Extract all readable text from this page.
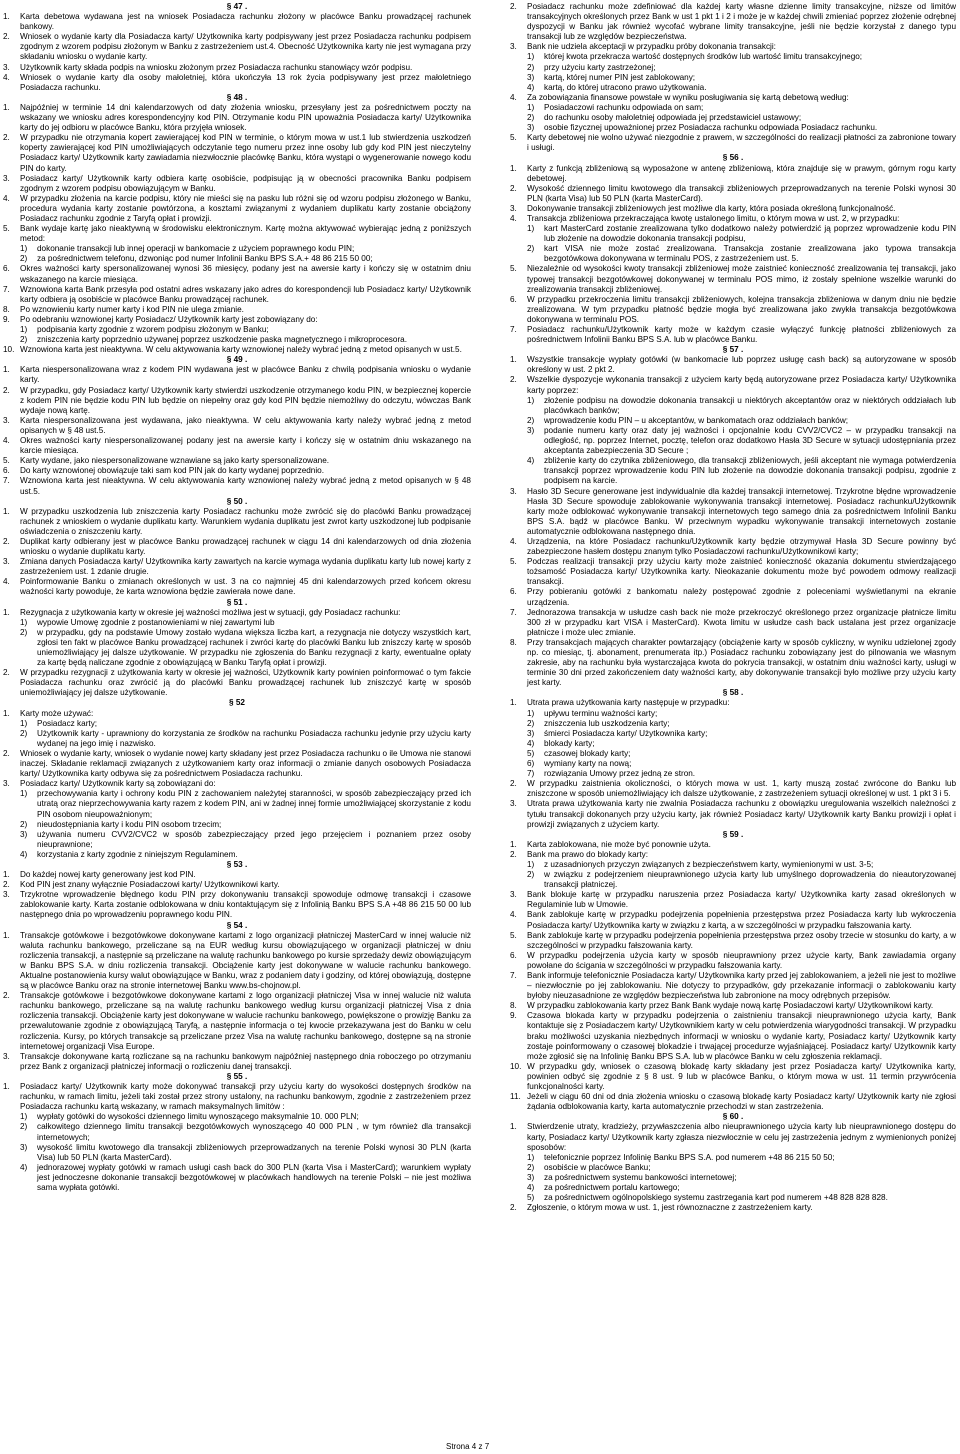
§ 47 .
1. Karta debetowa wydawana jest na wniosek Posiadacza rachunku złożony w placówce Banku prowadzącej rachunek bankowy.
2. Wniosek o wydanie karty dla Posiadacza karty/ Użytkownika karty podpisywany jest przez Posiadacza rachunku podpisem zgodnym z wzorem podpisu złożonym w Banku z zastrzeżeniem ust.4. Obecność Użytkownika karty nie jest wymagana przy składaniu wniosku o wydanie karty.
3. Użytkownik karty składa podpis na wniosku złożonym przez Posiadacza rachunku stanowiący wzór podpisu.
4. Wniosek o wydanie karty dla osoby małoletniej, która ukończyła 13 rok życia podpisywany jest przez małoletniego Posiadacza rachunku.
§ 48 .
1. Najpóźniej w terminie 14 dni kalendarzowych od daty złożenia wniosku, przesyłany jest za pośrednictwem poczty na wskazany we wniosku adres korespondencyjny kod PIN. Otrzymanie kodu PIN upoważnia Posiadacza karty/ Użytkownika karty do jej odbioru w placówce Banku, która przyjęła wniosek.
2. W przypadku nie otrzymania kopert zawierającej kod PIN w terminie, o którym mowa w ust.1 lub stwierdzenia uszkodzeń koperty zawierającej kod PIN umożliwiających odczytanie tego numeru przez inne osoby lub gdy kod PIN jest nieczytelny Posiadacz karty/ Użytkownik karty zawiadamia niezwłocznie placówkę Banku, która wystąpi o wygenerowanie nowego kodu PIN do karty.
3. Posiadacz karty/ Użytkownik karty odbiera kartę osobiście, podpisując ją w obecności pracownika Banku podpisem zgodnym z wzorem podpisu obowiązującym w Banku.
4. W przypadku złożenia na karcie podpisu, który nie mieści się na pasku lub różni się od wzoru podpisu złożonego w Banku, procedura wydania karty zostanie powtórzona, a kosztami związanymi z wydaniem duplikatu karty zostanie obciążony Posiadacz rachunku zgodnie z Taryfą opłat i prowizji.
5. Bank wydaje kartę jako nieaktywną w środowisku elektronicznym. Kartę można aktywować wybierając jedną z poniższych metod:
1) dokonanie transakcji lub innej operacji w bankomacie z użyciem poprawnego kodu PIN;
2) za pośrednictwem telefonu, dzwoniąc pod numer Infolinii Banku BPS S.A.+ 48 86 215 50 00;
6. Okres ważności karty spersonalizowanej wynosi 36 miesięcy, podany jest na awersie karty i kończy się w ostatnim dniu wskazanego na karcie miesiąca.
7. Wznowiona karta Bank przesyła pod ostatni adres wskazany jako adres do korespondencji lub Posiadacz karty/ Użytkownik karty odbiera ją osobiście w placówce Banku prowadzącej rachunek.
8. Po wznowieniu karty numer karty i kod PIN nie ulega zmianie.
9. Po odebraniu wznowionej karty Posiadacz/ Użytkownik karty jest zobowiązany do:
1) podpisania karty zgodnie z wzorem podpisu złożonym w Banku;
2) zniszczenia karty poprzednio używanej poprzez uszkodzenie paska magnetycznego i mikroprocesora.
10. Wznowiona karta jest nieaktywna. W celu aktywowania karty wznowionej należy wybrać jedną z metod opisanych w ust.5.
§ 49 .
1. Karta niespersonalizowana wraz z kodem PIN wydawana jest w placówce Banku z chwilą podpisania wniosku o wydanie karty.
2. W przypadku, gdy Posiadacz karty/ Użytkownik karty stwierdzi uszkodzenie otrzymanego kodu PIN, w bezpiecznej kopercie z kodem PIN nie będzie kodu PIN lub będzie on niepełny oraz gdy kod PIN będzie niemożliwy do odczytu, wówczas Bank wydaje nową kartę.
3. Karta niespersonalizowana jest wydawana, jako nieaktywna. W celu aktywowania karty należy wybrać jedną z metod opisanych w § 48 ust.5.
4. Okres ważności karty niespersonalizowanej podany jest na awersie karty i kończy się w ostatnim dniu wskazanego na karcie miesiąca.
5. Karty wydane, jako niespersonalizowane wznawiane są jako karty spersonalizowane.
6. Do karty wznowionej obowiązuje taki sam kod PIN jak do karty wydanej poprzednio.
7. Wznowiona karta jest nieaktywna. W celu aktywowania karty wznowionej należy wybrać jedną z metod opisanych w § 48 ust.5.
§ 50 .
1. W przypadku uszkodzenia lub zniszczenia karty Posiadacz rachunku może zwrócić się do placówki Banku prowadzącej rachunek z wnioskiem o wydanie duplikatu karty. Warunkiem wydania duplikatu jest zwrot karty uszkodzonej lub podpisanie oświadczenia o zniszczeniu karty.
2. Duplikat karty odbierany jest w placówce Banku prowadzącej rachunek w ciągu 14 dni kalendarzowych od dnia złożenia wniosku o wydanie duplikatu karty.
3. Zmiana danych Posiadacza karty/ Użytkownika karty zawartych na karcie wymaga wydania duplikatu karty lub nowej karty z zastrzeżeniem ust. 1 zdanie drugie.
4. Poinformowanie Banku o zmianach określonych w ust. 3 na co najmniej 45 dni kalendarzowych przed końcem okresu ważności karty powoduje, że karta wznowiona będzie zawierała nowe dane.
§ 51 .
1. Rezygnacja z użytkowania karty w okresie jej ważności możliwa jest w sytuacji, gdy Posiadacz rachunku:
1) wypowie Umowę zgodnie z postanowieniami w niej zawartymi lub
2) w przypadku, gdy na podstawie Umowy zostało wydana większa liczba kart, a rezygnacja nie dotyczy wszystkich kart, zgłosi ten fakt w placówce Banku prowadzącej rachunek i zwróci kartę do placówki Banku lub zniszczy kartę w sposób uniemożliwiający jej dalsze użytkowanie. W przypadku nie zgłoszenia do Banku rezygnacji z karty, ewentualne opłaty za kartę będą naliczane zgodnie z obowiązującą w Banku Taryfą opłat i prowizji.
2. W przypadku rezygnacji z użytkowania karty w okresie jej ważności, Użytkownik karty powinien poinformować o tym fakcie Posiadacza rachunku oraz zwrócić ją do placówki Banku prowadzącej rachunek lub zniszczyć kartę w sposób uniemożliwiający jej dalsze użytkowanie.
§ 52
1. Karty może używać:
1) Posiadacz karty;
2) Użytkownik karty - uprawniony do korzystania ze środków na rachunku Posiadacza rachunku jedynie przy użyciu karty wydanej na jego imię i nazwisko.
2. Wniosek o wydanie karty, wniosek o wydanie nowej karty składany jest przez Posiadacza rachunku o ile Umowa nie stanowi inaczej. Składanie reklamacji związanych z użytkowaniem karty oraz informacji o zmianie danych osobowych Posiadacza karty/ Użytkownika karty odbywa się za pośrednictwem Posiadacza rachunku.
3. Posiadacz karty/ Użytkownik karty są zobowiązani do:
1) przechowywania karty i ochrony kodu PIN z zachowaniem należytej staranności, w sposób zabezpieczający przed ich utratą oraz nieprzechowywania karty razem z kodem PIN, ani w żadnej innej formie umożliwiającej skorzystanie z kodu PIN osobom nieupoważnionym;
2) nieudostępniania karty i kodu PIN osobom trzecim;
3) używania numeru CVV2/CVC2 w sposób zabezpieczający przed jego przejęciem i poznaniem przez osoby nieuprawnione;
4) korzystania z karty zgodnie z niniejszym Regulaminem.
§ 53 .
1. Do każdej nowej karty generowany jest kod PIN.
2. Kod PIN jest znany wyłącznie Posiadaczowi karty/ Użytkownikowi karty.
3. Trzykrotne wprowadzenie błędnego kodu PIN przy dokonywaniu transakcji spowoduje odmowę transakcji i czasowe zablokowanie karty. Karta zostanie odblokowana w dniu kontaktującym się z Infolinią Banku BPS S.A +48 86 215 50 00 lub następnego dnia po wprowadzeniu poprawnego kodu PIN.
§ 54 .
1. Transakcje gotówkowe i bezgotówkowe dokonywane kartami z logo organizacji płatniczej MasterCard w innej walucie niż waluta rachunku bankowego, przeliczane są na EUR według kursu obowiązującego w organizacji płatniczej w dniu rozliczenia transakcji, a następnie są przeliczane na walutę rachunku bankowego po kursie sprzedaży dewiz obowiązującym w Banku BPS S.A. w dniu rozliczenia transakcji. Obciążenie karty jest dokonywane w walucie rachunku bankowego. Aktualne postanowienia kursy walut obowiązujące w Banku, wraz z podaniem daty i godziny, od której obowiązują, dostępne są w placówce Banku oraz na stronie internetowej Banku www.bs-chojnow.pl.
2. Transakcje gotówkowe i bezgotówkowe dokonywane kartami z logo organizacji płatniczej Visa w innej walucie niż waluta rachunku bankowego, przeliczane są na walutę rachunku bankowego według kursu organizacji płatniczej Visa z dnia rozliczenia transakcji. Obciążenie karty jest dokonywane w walucie rachunku bankowego, powiększone o prowizję Banku za przewalutowanie zgodnie z obowiązującą Taryfą, a następnie informacja o tej kwocie przekazywana jest do Banku w celu rozliczenia. Kursy, po których transakcje są przeliczane przez Visa na walutę rachunku bankowego, dostępne są na stronie internetowej organizacji Visa Europe.
3. Transakcje dokonywane kartą rozliczane są na rachunku bankowym najpóźniej następnego dnia roboczego po otrzymaniu przez Bank z organizacji płatniczej informacji o rozliczeniu danej transakcji.
§ 55 .
1. Posiadacz karty/ Użytkownik karty może dokonywać transakcji przy użyciu karty do wysokości dostępnych środków na rachunku, w ramach limitu, jeżeli taki został przez strony ustalony, na rachunku bankowym, zgodnie z zastrzeżeniem przez Posiadacza rachunku kartą wskazany, w ramach maksymalnych limitów :
1) wypłaty gotówki do wysokości dziennego limitu wynoszącego maksymalnie 10. 000 PLN;
2) całkowitego dziennego limitu transakcji bezgotówkowych wynoszącego 40 000 PLN , w tym również dla transakcji internetowych;
3) wysokość limitu kwotowego dla transakcji zbliżeniowych przeprowadzanych na terenie Polski wynosi 30 PLN (karta Visa) lub 50 PLN (karta MasterCard).
4) jednorazowej wypłaty gotówki w ramach usługi cash back do 300 PLN (karta Visa i MasterCard); warunkiem wypłaty jest jednoczesne dokonanie transakcji bezgotówkowej w placówkach handlowych na terenie Polski – nie jest możliwa sama wypłata gotówki.
2. Posiadacz rachunku może zdefiniować dla każdej karty własne dzienne limity transakcyjne, niższe od limitów transakcyjnych określonych przez Bank w ust 1 pkt 1 i 2 i może je w każdej chwili zmieniać poprzez złożenie odrębnej dyspozycji w Banku jak również wycofać wybrane limity transakcyjne, jeśli nie będzie korzystał z danego typu transakcji lub ze względów bezpieczeństwa.
3. Bank nie udziela akceptacji w przypadku próby dokonania transakcji:
1) której kwota przekracza wartość dostępnych środków lub wartość limitu transakcyjnego;
2) przy użyciu karty zastrzeżonej;
3) kartą, której numer PIN jest zablokowany;
4) kartą, do której utracono prawo użytkowania.
4. Za zobowiązania finansowe powstałe w wyniku posługiwania się kartą debetową według:
1) Posiadaczowi rachunku odpowiada on sam;
2) do rachunku osoby małoletniej odpowiada jej przedstawiciel ustawowy;
3) osobie fizycznej upoważnionej przez Posiadacza rachunku odpowiada Posiadacz rachunku.
5. Karty debetowej nie wolno używać niezgodnie z prawem, w szczególności do realizacji płatności za zabronione towary i usługi.
§ 56 .
1. Karty z funkcją zbliżeniową są wyposażone w antenę zbliżeniową, która znajduje się w prawym, górnym rogu karty debetowej.
2. Wysokość dziennego limitu kwotowego dla transakcji zbliżeniowych przeprowadzanych na terenie Polski wynosi 30 PLN (karta Visa) lub 50 PLN (karta MasterCard).
3. Dokonywanie transakcji zbliżeniowych jest możliwe dla karty, która posiada określoną funkcjonalność.
4. Transakcja zbliżeniowa przekraczająca kwotę ustalonego limitu, o którym mowa w ust. 2, w przypadku:
1) kart MasterCard zostanie zrealizowana tylko dodatkowo należy potwierdzić ją poprzez wprowadzenie kodu PIN lub złożenie na dowodzie dokonania transakcji podpisu,
2) kart VISA nie może zostać zrealizowana. Transakcja zostanie zrealizowana jako typowa transakcja bezgotówkowa dokonywana w terminalu POS, z zastrzeżeniem ust. 5.
5. Niezależnie od wysokości kwoty transakcji zbliżeniowej może zaistnieć konieczność zrealizowania tej transakcji, jako typowej transakcji bezgotówkowej dokonywanej w terminalu POS mimo, iż zostały spełnione wszelkie warunki do zrealizowania transakcji zbliżeniowej.
6. W przypadku przekroczenia limitu transakcji zbliżeniowych, kolejna transakcja zbliżeniowa w danym dniu nie będzie zrealizowana. W tym przypadku płatność będzie mogła być zrealizowana jako zwykła transakcja bezgotówkowa dokonywana w terminalu POS.
7. Posiadacz rachunku/Użytkownik karty może w każdym czasie wyłączyć funkcję płatności zbliżeniowych za pośrednictwem Infolinii Banku BPS S.A. lub w placówce Banku.
§ 57 .
1. Wszystkie transakcje wypłaty gotówki (w bankomacie lub poprzez usługę cash back) są autoryzowane w sposób określony w ust. 2 pkt 2.
2. Wszelkie dyspozycje wykonania transakcji z użyciem karty będą autoryzowane przez Posiadacza karty/ Użytkownika karty poprzez:
1) złożenie podpisu na dowodzie dokonania transakcji u niektórych akceptantów oraz w niektórych oddziałach lub placówkach banków;
2) wprowadzenie kodu PIN – u akceptantów, w bankomatach oraz oddziałach banków;
3) podanie numeru karty oraz daty jej ważności i opcjonalnie kodu CVV2/CVC2 – w przypadku transakcji na odległość, np. poprzez Internet, pocztę, telefon oraz dodatkowo Hasła 3D Secure w sytuacji udostępniania przez akceptanta zabezpieczenia 3D Secure ;
4) zbliżenie karty do czytnika zbliżeniowego, dla transakcji zbliżeniowych, jeśli akceptant nie wymaga potwierdzenia transakcji poprzez wprowadzenie kodu PIN lub złożenie na dowodzie dokonania transakcji podpisu, zgodnie z podpisem na karcie.
3. Hasło 3D Secure generowane jest indywidualnie dla każdej transakcji internetowej. Trzykrotne błędne wprowadzenie Hasła 3D Secure spowoduje zablokowanie wykonywania transakcji internetowej. Posiadacz rachunku/Użytkownik karty może odblokować wykonywanie transakcji internetowych tego samego dnia za pośrednictwem Infolinii Banku BPS S.A. bądź w placówce Banku. W przeciwnym wypadku wykonywanie transakcji internetowych zostanie automatycznie odblokowana następnego dnia.
4. Urządzenia, na które Posiadacz rachunku/Użytkownik karty będzie otrzymywał Hasła 3D Secure powinny być zabezpieczone hasłem dostępu znanym tylko Posiadaczowi rachunku/Użytkownikowi karty;
5. Podczas realizacji transakcji przy użyciu karty może zaistnieć konieczność okazania dokumentu stwierdzającego tożsamość Posiadacza karty/ Użytkownika karty. Nieokazanie dokumentu może być powodem odmowy realizacji transakcji.
6. Przy pobieraniu gotówki z bankomatu należy postępować zgodnie z poleceniami wyświetlanymi na ekranie urządzenia.
7. Jednorazowa transakcja w usłudze cash back nie może przekroczyć określonego przez organizacje płatnicze limitu 300 zł w przypadku kart VISA i MasterCard). Kwota limitu w usłudze cash back ustalana jest przez organizacje płatnicze i może ulec zmianie.
8. Przy transakcjach mających charakter powtarzający (obciążenie karty w sposób cykliczny, w wyniku udzielonej zgody np. co miesiąc, tj. abonament, prenumerata itp.) Posiadacz rachunku zobowiązany jest do pilnowania we własnym zakresie, aby na rachunku była wystarczająca kwota do pokrycia transakcji, w ostatnim dniu ważności karty, usługi w terminie 30 dni przed zakończeniem daty ważności karty, aby dokonywanie transakcji było możliwe przy użyciu karty jest karty.
§ 58 .
1. Utrata prawa użytkowania karty następuje w przypadku:
1) upływu terminu ważności karty;
2) zniszczenia lub uszkodzenia karty;
3) śmierci Posiadacza karty/ Użytkownika karty;
4) blokady karty;
5) czasowej blokady karty;
6) wymiany karty na nową;
7) rozwiązania Umowy przez jedną ze stron.
2. W przypadku zaistnienia okoliczności, o których mowa w ust. 1, karty muszą zostać zwrócone do Banku lub zniszczone w sposób uniemożliwiający ich dalsze użytkowanie, z zastrzeżeniem sytuacji określonej w ust. 1 pkt 3 i 5.
3. Utrata prawa użytkowania karty nie zwalnia Posiadacza rachunku z obowiązku uregulowania wszelkich należności z tytułu transakcji dokonanych przy użyciu karty, jak również Posiadacz karty/ Użytkownik karty Banku prowizji i opłat i prowizji związanych z użyciem karty.
§ 59 .
1. Karta zablokowana, nie może być ponownie użyta.
2. Bank ma prawo do blokady karty:
1) z uzasadnionych przyczyn związanych z bezpieczeństwem karty, wymienionymi w ust. 3-5;
2) w związku z podejrzeniem nieuprawnionego użycia karty lub umyślnego doprowadzenia do nieautoryzowanej transakcji płatniczej.
3. Bank blokuje kartę w przypadku naruszenia przez Posiadacza karty/ Użytkownika karty zasad określonych w Regulaminie lub w Umowie.
4. Bank zablokuje kartę w przypadku podejrzenia popełnienia przestępstwa przez Posiadacza karty lub wykroczenia Posiadacza karty/ Użytkownika karty w związku z kartą, a w szczególności w przypadku fałszowania karty.
5. Bank zablokuje kartę w przypadku podejrzenia popełnienia przestępstwa przez osoby trzecie w stosunku do karty, a w szczególności w przypadku fałszowania karty.
6. W przypadku podejrzenia użycia karty w sposób nieuprawniony przez użycie karty, Bank zawiadamia organy powołane do ścigania w szczególności w przypadku fałszowania karty.
7. Bank informuje telefonicznie Posiadacza karty/ Użytkownika karty przed jej zablokowaniem, a jeżeli nie jest to możliwe – niezwłocznie po jej zablokowaniu. Nie dotyczy to przypadków, gdy przekazanie informacji o zablokowaniu karty byłoby nieuzasadnione ze względów bezpieczeństwa lub zabronione na mocy odrębnych przepisów.
8. W przypadku zablokowania karty przez Bank Bank wydaje nową kartę Posiadaczowi karty/ Użytkownikowi karty.
9. Czasowa blokada karty w przypadku podejrzenia o zaistnieniu transakcji nieuprawnionego użycia karty, Bank kontaktuje się z Posiadaczem karty/ Użytkownikiem karty w celu potwierdzenia wiarygodności transakcji. W przypadku braku możliwości uzyskania niezbędnych informacji w wniosku o wydanie karty, Posiadacz karty/ Użytkownik karty zostaje poinformowany o czasowej blokadzie i trwającej procedurze wyjaśniającej. Posiadacz karty/ Użytkownik karty może zgłosić się na Infolinię Banku BPS S.A. lub w placówce Banku w celu zgłoszenia reklamacji.
10. W przypadku gdy, wniosek o czasową blokadę karty składany jest przez Posiadacza karty/ Użytkownika karty, powinien odbyć się zgodnie z § 8 ust. 9 lub w placówce Banku, o którym mowa w ust. 11 termin przywrócenia funkcjonalności karty.
11. Jeżeli w ciągu 60 dni od dnia złożenia wniosku o czasową blokadę karty Posiadacz karty/ Użytkownik karty nie zgłosi żądania odblokowania karty, karta automatycznie przechodzi w stan zastrzeżenia.
§ 60 .
1. Stwierdzenie utraty, kradzieży, przywłaszczenia albo nieuprawnionego użycia karty lub nieuprawnionego dostępu do karty, Posiadacz karty/ Użytkownik karty zgłasza niezwłocznie w celu jej zastrzeżenia jednym z wymienionych poniżej sposobów:
1) telefonicznie poprzez Infolinię Banku BPS S.A. pod numerem +48 86 215 50 50;
2) osobiście w placówce Banku;
3) za pośrednictwem systemu bankowości internetowej;
4) za pośrednictwem portalu kartowego;
5) za pośrednictwem ogólnopolskiego systemu zastrzegania kart pod numerem +48 828 828 828.
2. Zgłoszenie, o którym mowa w ust. 1, jest równoznaczne z zastrzeżeniem karty.
Strona 4 z 7
